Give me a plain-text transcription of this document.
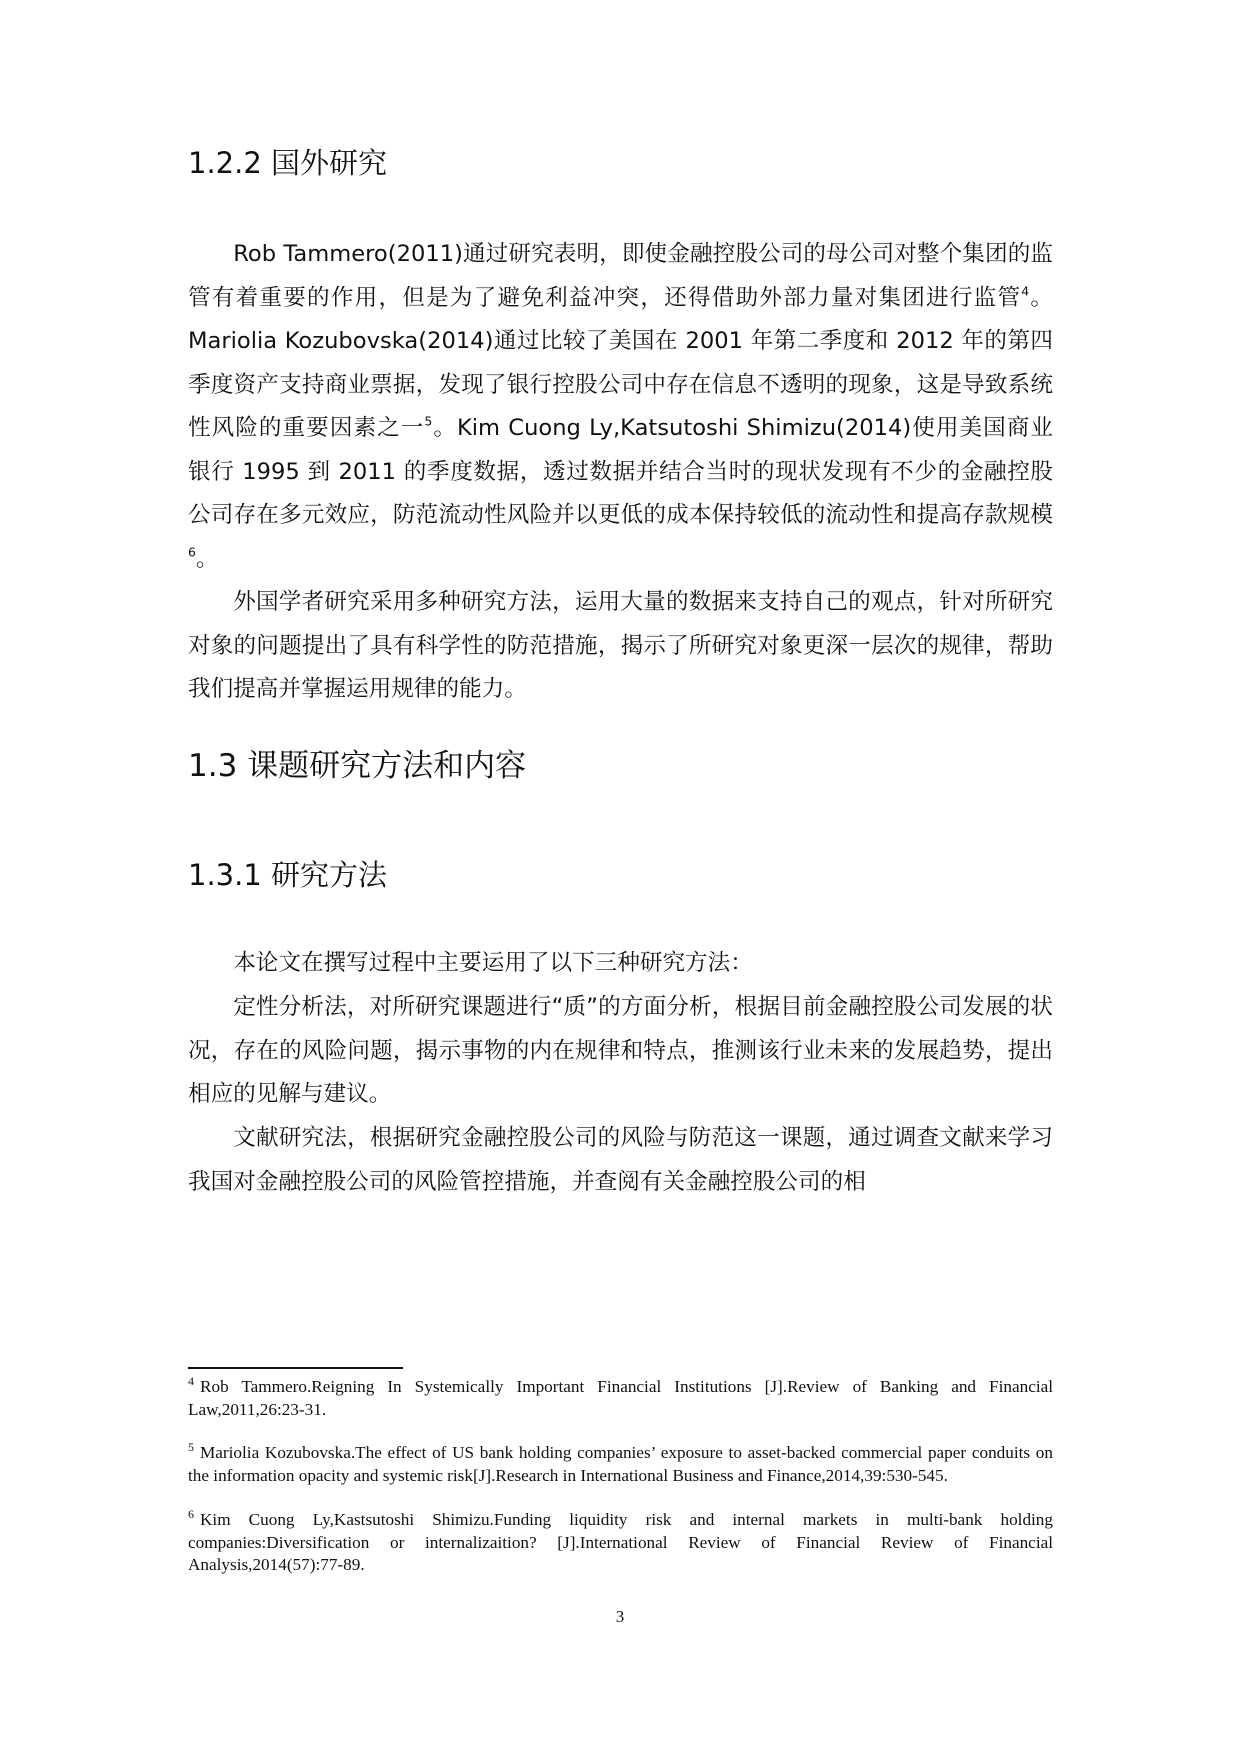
1.2.2 国外研究
Rob Tammero(2011)通过研究表明，即使金融控股公司的母公司对整个集团的监管有着重要的作用，但是为了避免利益冲突，还得借助外部力量对集团进行监管$^4$。Mariolia Kozubovska(2014)通过比较了美国在 2001 年第二季度和 2012 年的第四季度资产支持商业票据，发现了银行控股公司中存在信息不透明的现象，这是导致系统性风险的重要因素之一$^5$。Kim Cuong Ly,Katsutoshi Shimizu(2014)使用美国商业银行 1995 到 2011 的季度数据，透过数据并结合当时的现状发现有不少的金融控股公司存在多元效应，防范流动性风险并以更低的成本保持较低的流动性和提高存款规模$^6$。
外国学者研究采用多种研究方法，运用大量的数据来支持自己的观点，针对所研究对象的问题提出了具有科学性的防范措施，揭示了所研究对象更深一层次的规律，帮助我们提高并掌握运用规律的能力。
1.3 课题研究方法和内容
1.3.1 研究方法
本论文在撰写过程中主要运用了以下三种研究方法：
定性分析法，对所研究课题进行“质”的方面分析，根据目前金融控股公司发展的状况，存在的风险问题，揭示事物的内在规律和特点，推测该行业未来的发展趋势，提出相应的见解与建议。
文献研究法，根据研究金融控股公司的风险与防范这一课题，通过调查文献来学习我国对金融控股公司的风险管控措施，并查阅有关金融控股公司的相
$^4$ Rob Tammero.Reigning In Systemically Important Financial Institutions [J].Review of Banking and Financial Law,2011,26:23-31.
$^5$ Mariolia Kozubovska.The effect of US bank holding companies’ exposure to asset-backed commercial paper conduits on the information opacity and systemic risk[J].Research in International Business and Finance,2014,39:530-545.
$^6$ Kim Cuong Ly,Kastsutoshi Shimizu.Funding liquidity risk and internal markets in multi-bank holding companies:Diversification or internalizaition? [J].International Review of Financial Review of Financial Analysis,2014(57):77-89.
3
